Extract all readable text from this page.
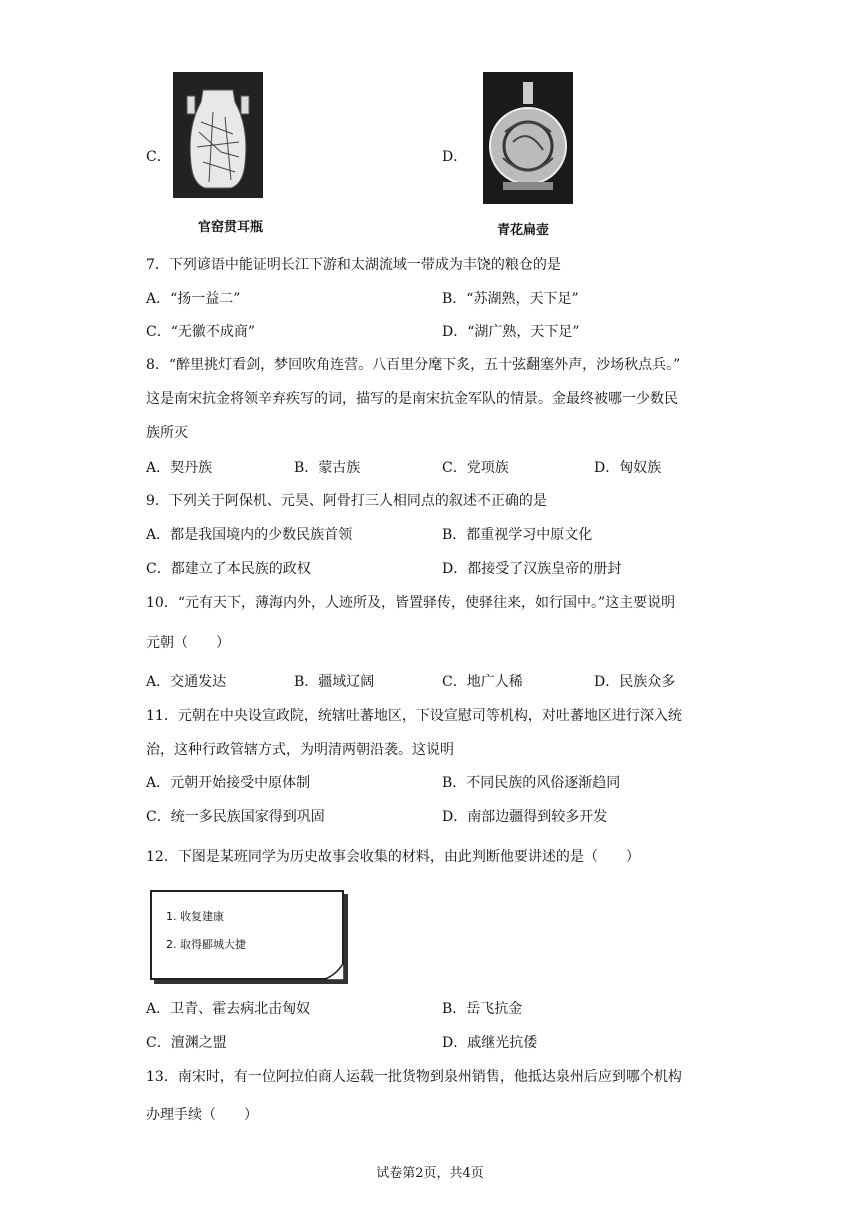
C．
官窑贯耳瓶
D．
青花扁壶
7．下列谚语中能证明长江下游和太湖流域一带成为丰饶的粮仓的是
A．“扬一益二”	B．“苏湖熟，天下足”
C．“无徽不成商”	D．“湖广熟，天下足”
8．“醉里挑灯看剑，梦回吹角连营。八百里分麾下炙，五十弦翻塞外声，沙场秋点兵。”
这是南宋抗金将领辛弃疾写的词，描写的是南宋抗金军队的情景。金最终被哪一少数民
族所灭
A．契丹族	B．蒙古族	C．党项族	D．匈奴族
9．下列关于阿保机、元昊、阿骨打三人相同点的叙述不正确的是
A．都是我国境内的少数民族首领	B．都重视学习中原文化
C．都建立了本民族的政权	D．都接受了汉族皇帝的册封
10．“元有天下，薄海内外，人迹所及，皆置驿传，使驿往来，如行国中。”这主要说明
元朝（　　）
A．交通发达	B．疆域辽阔	C．地广人稀	D．民族众多
11．元朝在中央设宣政院，统辖吐蕃地区，下设宣慰司等机构，对吐蕃地区进行深入统
治，这种行政管辖方式，为明清两朝沿袭。这说明
A．元朝开始接受中原体制	B．不同民族的风俗逐渐趋同
C．统一多民族国家得到巩固	D．南部边疆得到较多开发
12．下图是某班同学为历史故事会收集的材料，由此判断他要讲述的是（　　）
1. 收复建康
2. 取得郾城大捷
A．卫青、霍去病北击匈奴	B．岳飞抗金
C．澶渊之盟	D．戚继光抗倭
13．南宋时，有一位阿拉伯商人运载一批货物到泉州销售，他抵达泉州后应到哪个机构
办理手续（　　）
试卷第2页，共4页
